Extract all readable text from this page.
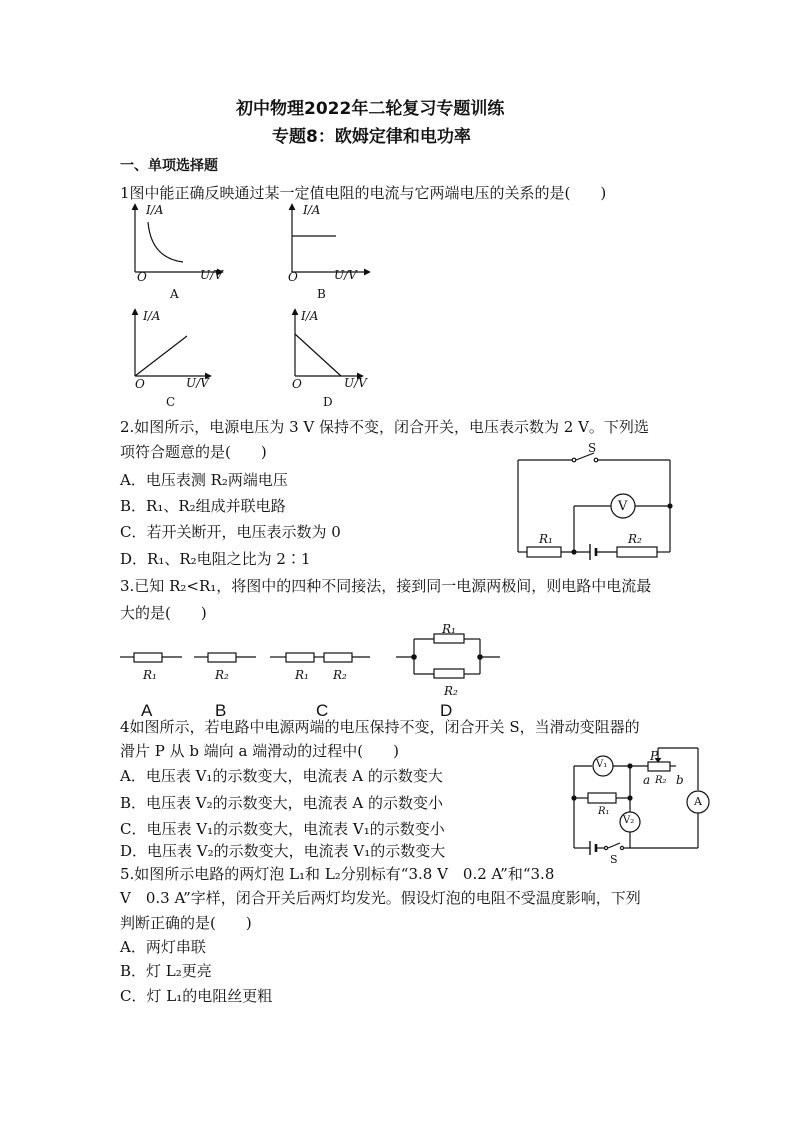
初中物理2022年二轮复习专题训练
专题8：欧姆定律和电功率
一、单项选择题
1图中能正确反映通过某一定值电阻的电流与它两端电压的关系的是(　　)
I/A
U/V
O
A
I/A
U/V
O
B
I/A
U/V
O
C
I/A
U/V
O
D
2.如图所示，电源电压为 3 V 保持不变，闭合开关，电压表示数为 2 V。下列选
项符合题意的是(　　)
A．电压表测 R₂两端电压
B．R₁、R₂组成并联电路
C．若开关断开，电压表示数为 0
D．R₁、R₂电阻之比为 2∶1
S
V
R₁	R₂
3.已知 R₂<R₁，将图中的四种不同接法，接到同一电源两极间，则电路中电流最
大的是(　　)
R₁	R₂	R₁ R₂
R₁
R₂
A	B	C	D
4如图所示，若电路中电源两端的电压保持不变，闭合开关 S，当滑动变阻器的
滑片 P 从 b 端向 a 端滑动的过程中(　　)
A．电压表 V₁的示数变大，电流表 A 的示数变大
B．电压表 V₂的示数变大，电流表 A 的示数变小
C．电压表 V₁的示数变大，电流表 V₁的示数变小
D．电压表 V₂的示数变大，电流表 V₁的示数变大
P
a R₂ b
V₁
R₁
V₂
A
S
5.如图所示电路的两灯泡 L₁和 L₂分别标有“3.8 V　0.2 A”和“3.8
V　0.3 A”字样，闭合开关后两灯均发光。假设灯泡的电阻不受温度影响，下列
判断正确的是(　　)
A．两灯串联
B．灯 L₂更亮
C．灯 L₁的电阻丝更粗
